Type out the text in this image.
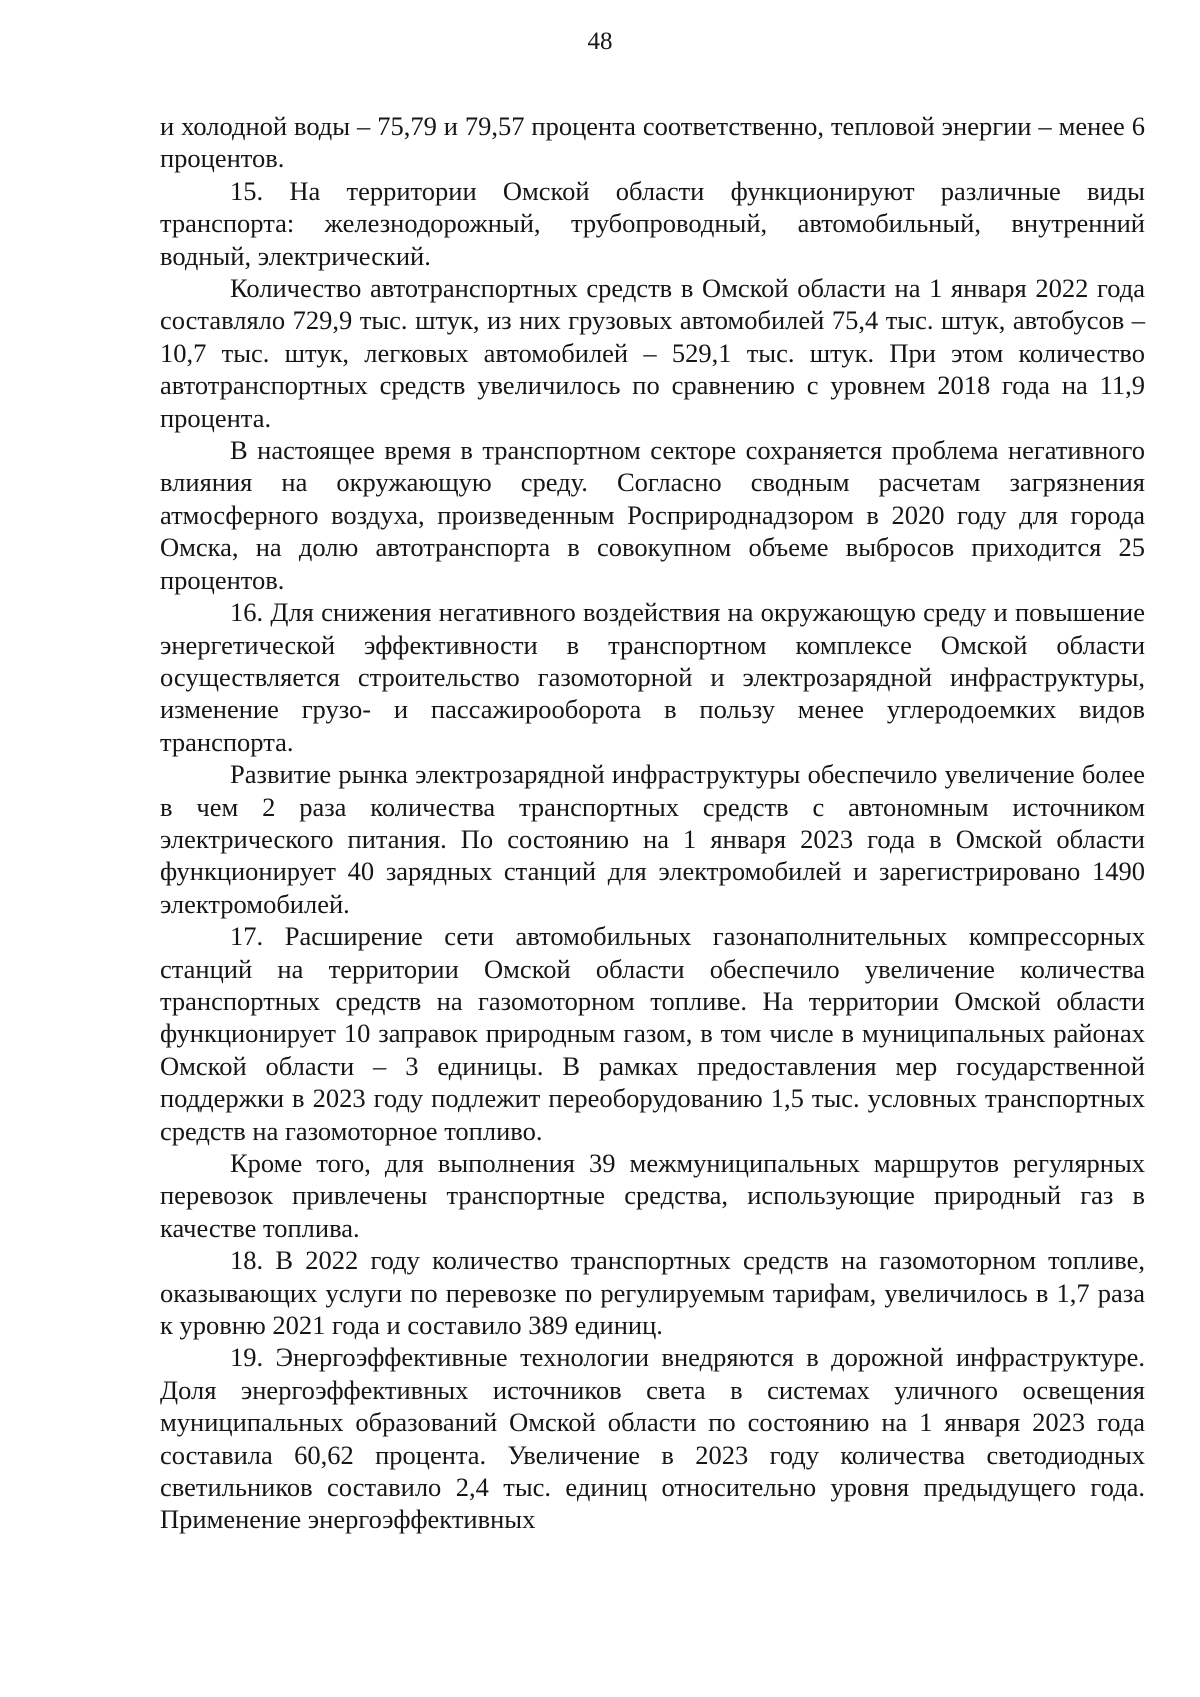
48

и холодной воды – 75,79 и 79,57 процента соответственно, тепловой энергии – менее 6 процентов.

15. На территории Омской области функционируют различные виды транспорта: железнодорожный, трубопроводный, автомобильный, внутренний водный, электрический.

Количество автотранспортных средств в Омской области на 1 января 2022 года составляло 729,9 тыс. штук, из них грузовых автомобилей 75,4 тыс. штук, автобусов – 10,7 тыс. штук, легковых автомобилей – 529,1 тыс. штук. При этом количество автотранспортных средств увеличилось по сравнению с уровнем 2018 года на 11,9 процента.

В настоящее время в транспортном секторе сохраняется проблема негативного влияния на окружающую среду. Согласно сводным расчетам загрязнения атмосферного воздуха, произведенным Росприроднадзором в 2020 году для города Омска, на долю автотранспорта в совокупном объеме выбросов приходится 25 процентов.

16. Для снижения негативного воздействия на окружающую среду и повышение энергетической эффективности в транспортном комплексе Омской области осуществляется строительство газомоторной и электрозарядной инфраструктуры, изменение грузо- и пассажирооборота в пользу менее углеродоемких видов транспорта.

Развитие рынка электрозарядной инфраструктуры обеспечило увеличение более в чем 2 раза количества транспортных средств с автономным источником электрического питания. По состоянию на 1 января 2023 года в Омской области функционирует 40 зарядных станций для электромобилей и зарегистрировано 1490 электромобилей.

17. Расширение сети автомобильных газонаполнительных компрессорных станций на территории Омской области обеспечило увеличение количества транспортных средств на газомоторном топливе. На территории Омской области функционирует 10 заправок природным газом, в том числе в муниципальных районах Омской области – 3 единицы. В рамках предоставления мер государственной поддержки в 2023 году подлежит переоборудованию 1,5 тыс. условных транспортных средств на газомоторное топливо.

Кроме того, для выполнения 39 межмуниципальных маршрутов регулярных перевозок привлечены транспортные средства, использующие природный газ в качестве топлива.

18. В 2022 году количество транспортных средств на газомоторном топливе, оказывающих услуги по перевозке по регулируемым тарифам, увеличилось в 1,7 раза к уровню 2021 года и составило 389 единиц.

19. Энергоэффективные технологии внедряются в дорожной инфраструктуре. Доля энергоэффективных источников света в системах уличного освещения муниципальных образований Омской области по состоянию на 1 января 2023 года составила 60,62 процента. Увеличение в 2023 году количества светодиодных светильников составило 2,4 тыс. единиц относительно уровня предыдущего года. Применение энергоэффективных
